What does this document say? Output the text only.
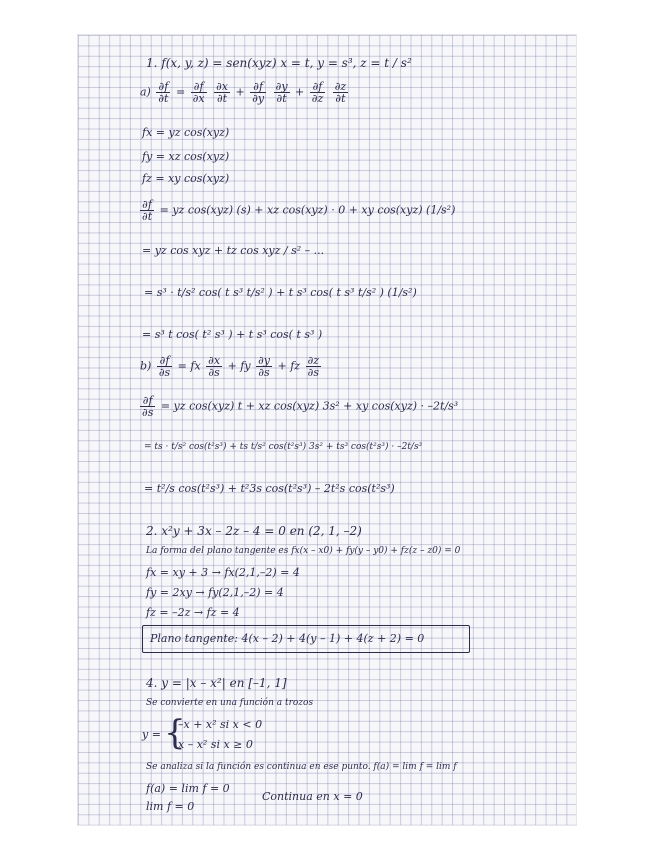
1. f(x, y, z) = sen(xyz) x = t, y = s³, z = t / s²
$a) \frac{\partial f}{\partial t} = \frac{\partial f}{\partial x}$
$\frac{\partial x}{\partial t} + \frac{\partial f}{\partial y}$
$\frac{\partial y}{\partial t} + \frac{\partial f}{\partial z}$
$\frac{\partial z}{\partial t}$
fx = yz cos(xyz)
fy = xz cos(xyz)
fz = xy cos(xyz)
$\frac{\partial f}{\partial t}$ = yz cos(xyz) (s) + xz cos(xyz) · 0 + xy cos(xyz) (1/s²)
= yz cos xyz + tz cos xyz / s² – ...
= s³ · t/s² cos( t s³ t/s² ) + t s³ cos( t s³ t/s² ) (1/s²)
= s³ t cos( t² s³ ) + t s³ cos( t s³ )
$b) \frac{\partial f}{\partial s}$ = fx $\frac{\partial x}{\partial s}$ + fy $\frac{\partial y}{\partial s}$ + fz $\frac{\partial z}{\partial s}$
$\frac{\partial f}{\partial s}$ = yz cos(xyz) t + xz cos(xyz) 3s² + xy cos(xyz) · –2t/s³
= ts · t/s² cos(t²s³) + ts t/s² cos(t²s³) 3s² + ts³ cos(t²s³) · –2t/s³
= t²/s cos(t²s³) + t²3s cos(t²s³) – 2t²s cos(t²s³)
2. x²y + 3x – 2z – 4 = 0 en (2, 1, –2)
La forma del plano tangente es fx(x – x0) + fy(y – y0) + fz(z – z0) = 0
fx = xy + 3 → fx(2,1,–2) = 4
fy = 2xy → fy(2,1,–2) = 4
fz = –2z → fz = 4
Plano tangente: 4(x – 2) + 4(y – 1) + 4(z + 2) = 0
4. y = |x – x²| en [–1, 1]
Se convierte en una función a trozos
y = {
–x + x² si x < 0
x – x² si x ≥ 0
Se analiza si la función es continua en ese punto. f(a) = lim f = lim f
f(a) = lim f = 0
lim f = 0
Continua en x = 0
